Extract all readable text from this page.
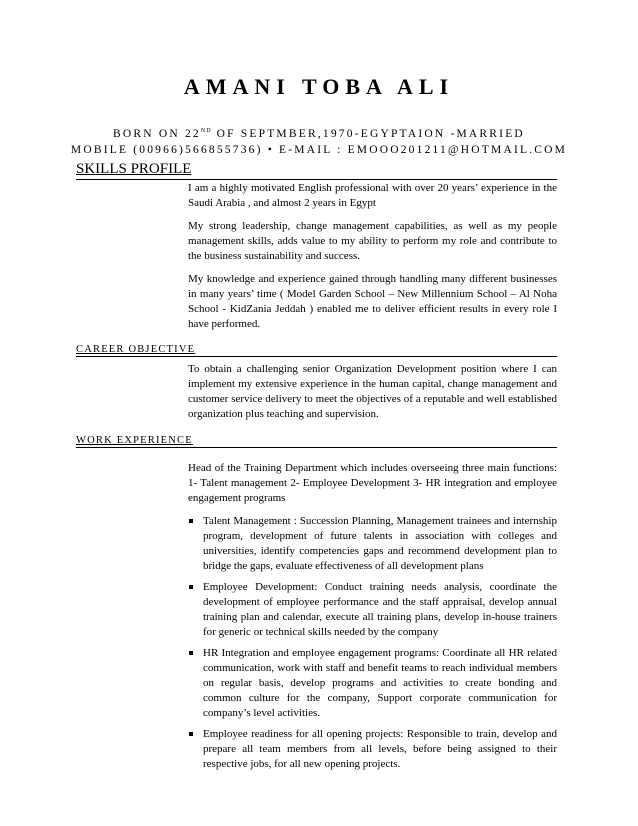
AMANI TOBA ALI
BORN ON 22ND OF SEPTMBER,1970-EGYPTAION -MARRIED
MOBILE (00966)566855736) • E-MAIL : EMOOO201211@HOTMAIL.COM
SKILLS PROFILE

I am a highly motivated English professional with over 20 years’ experience in the Saudi Arabia , and almost 2 years in Egypt

My strong leadership, change management capabilities, as well as my people management skills, adds value to my ability to perform my role and contribute to the business sustainability and success.

My knowledge and experience gained through handling many different businesses in many years’ time ( Model Garden School – New Millennium School – Al Noha School - KidZania Jeddah ) enabled me to deliver efficient results in every role I have performed.

CAREER OBJECTIVE

To obtain a challenging senior Organization Development position where I can implement my extensive experience in the human capital, change management and customer service delivery to meet the objectives of a reputable and well established organization plus teaching and supervision.

WORK EXPERIENCE

Head of the Training Department which includes overseeing three main functions: 1- Talent management 2- Employee Development 3- HR integration and employee engagement programs

Talent Management : Succession Planning, Management trainees and internship program, development of future talents in association with colleges and universities, identify competencies gaps and recommend development plan to bridge the gaps, evaluate effectiveness of all development plans
Employee Development: Conduct training needs analysis, coordinate the development of employee performance and the staff appraisal, develop annual training plan and calendar, execute all training plans, develop in-house trainers for generic or technical skills needed by the company
HR Integration and employee engagement programs: Coordinate all HR related communication, work with staff and benefit teams to reach individual members on regular basis, develop programs and activities to create bonding and common culture for the company, Support corporate communication for company’s level activities.
Employee readiness for all opening projects: Responsible to train, develop and prepare all team members from all levels, before being assigned to their respective jobs, for all new opening projects.
